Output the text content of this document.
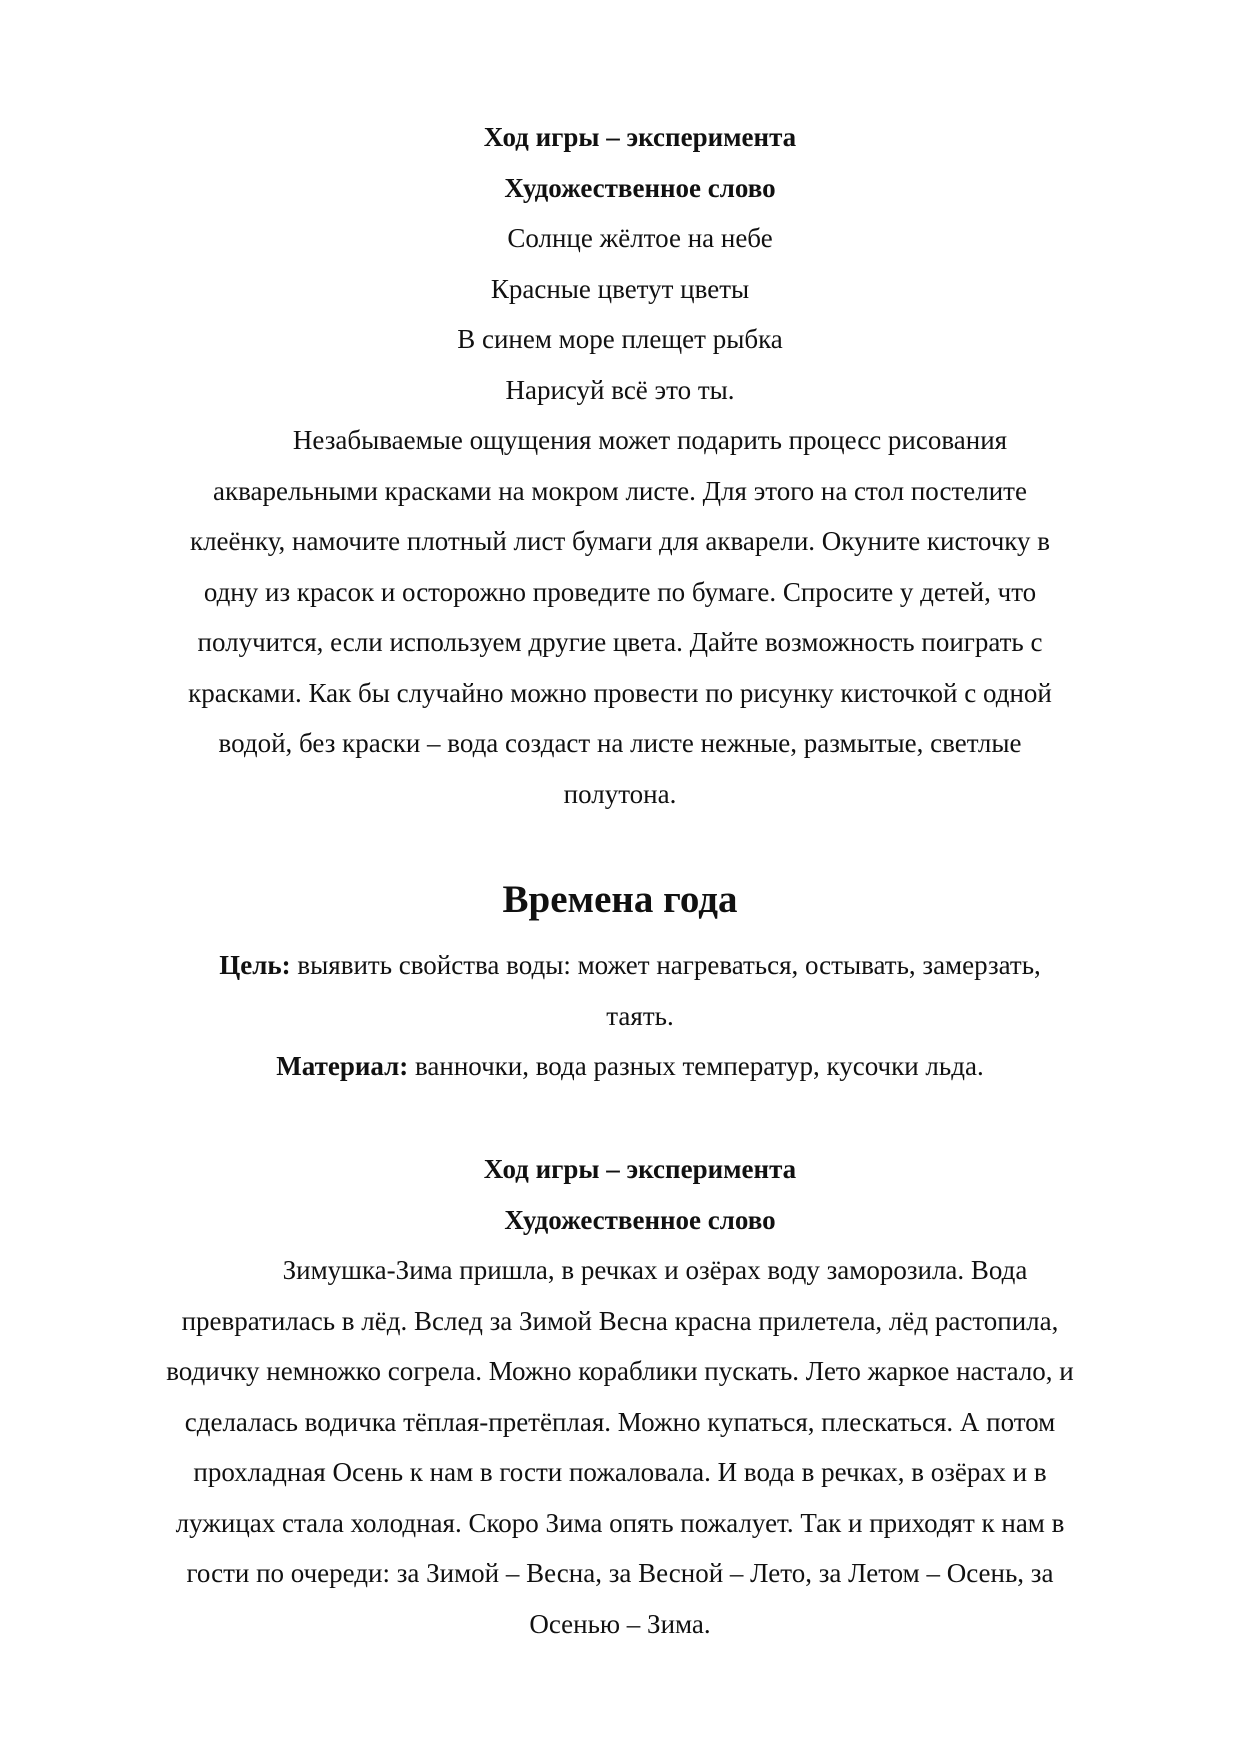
Ход игры – эксперимента
Художественное слово
Солнце жёлтое на небе
Красные цветут цветы
В синем море плещет рыбка
Нарисуй всё это ты.
Незабываемые ощущения может подарить процесс рисования
акварельными красками на мокром листе. Для этого на стол постелите
клеёнку, намочите плотный лист бумаги для акварели. Окуните кисточку в
одну из красок и осторожно проведите по бумаге. Спросите у детей, что
получится, если используем другие цвета. Дайте возможность поиграть с
красками. Как бы случайно можно провести по рисунку кисточкой с одной
водой, без краски – вода создаст на листе нежные, размытые, светлые
полутона.
Времена года
Цель: выявить свойства воды: может нагреваться, остывать, замерзать,
таять.
Материал: ванночки, вода разных температур, кусочки льда.
Ход игры – эксперимента
Художественное слово
Зимушка-Зима пришла, в речках и озёрах воду заморозила. Вода
превратилась в лёд. Вслед за Зимой Весна красна прилетела, лёд растопила,
водичку немножко согрела. Можно кораблики пускать. Лето жаркое настало, и
сделалась водичка тёплая-претёплая. Можно купаться, плескаться. А потом
прохладная Осень к нам в гости пожаловала. И вода в речках, в озёрах и в
лужицах стала холодная. Скоро Зима опять пожалует. Так и приходят к нам в
гости по очереди: за Зимой – Весна, за Весной – Лето, за Летом – Осень, за
Осенью – Зима.
